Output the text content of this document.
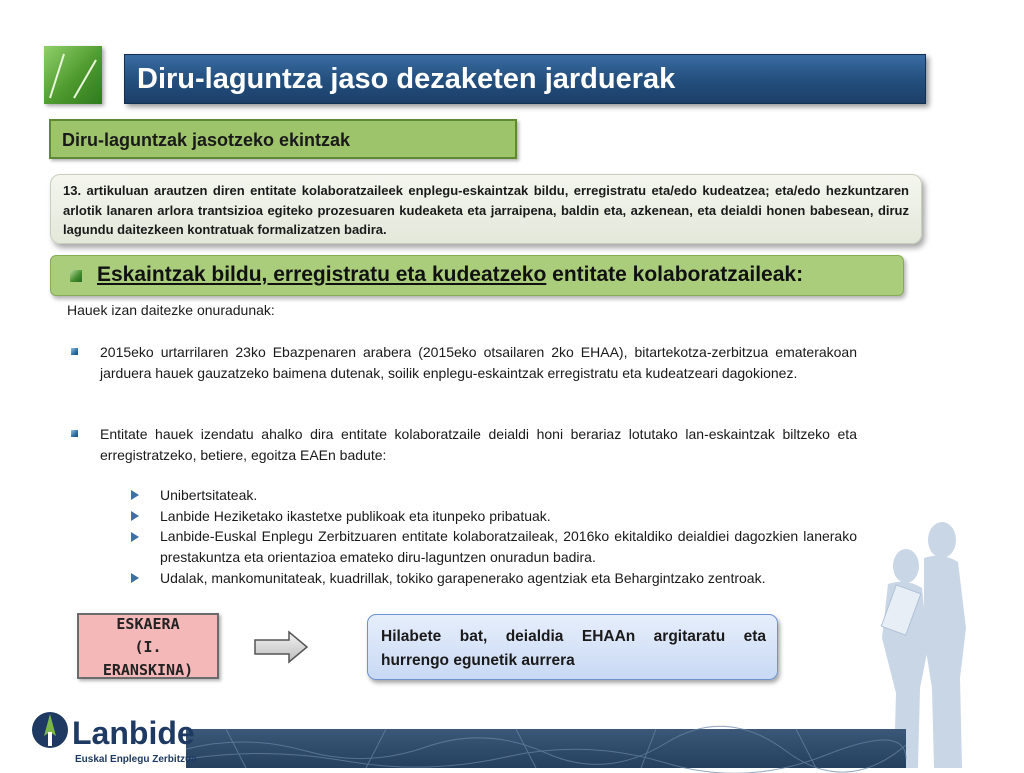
Diru-laguntza jaso dezaketen jarduerak
Diru-laguntzak jasotzeko ekintzak
13. artikuluan arautzen diren entitate kolaboratzaileek enplegu-eskaintzak bildu, erregistratu eta/edo kudeatzea; eta/edo hezkuntzaren arlotik lanaren arlora trantsizioa egiteko prozesuaren kudeaketa eta jarraipena, baldin eta, azkenean, eta deialdi honen babesean, diruz lagundu daitezkeen kontratuak formalizatzen badira.
Eskaintzak bildu, erregistratu eta kudeatzeko entitate kolaboratzaileak:
Hauek izan daitezke onuradunak:
2015eko urtarrilaren 23ko Ebazpenaren arabera (2015eko otsailaren 2ko EHAA), bitartekotza-zerbitzua ematerakoan jarduera hauek gauzatzeko baimena dutenak, soilik enplegu-eskaintzak erregistratu eta kudeatzeari dagokionez.
Entitate hauek izendatu ahalko dira entitate kolaboratzaile deialdi honi berariaz lotutako lan-eskaintzak biltzeko eta erregistratzeko, betiere, egoitza EAEn badute:
Unibertsitateak.
Lanbide Heziketako ikastetxe publikoak eta itunpeko pribatuak.
Lanbide-Euskal Enplegu Zerbitzuaren entitate kolaboratzaileak, 2016ko ekitaldiko deialdiei dagozkien lanerako prestakuntza eta orientazioa emateko diru-laguntzen onuradun badira.
Udalak, mankomunitateak, kuadrillak, tokiko garapenerako agentziak eta Behargintzako zentroak.
ESKAERA
(I.
ERANSKINA)
Hilabete bat, deialdia EHAAn argitaratu eta hurrengo egunetik aurrera
Lanbide
Euskal Enplegu Zerbitzua
